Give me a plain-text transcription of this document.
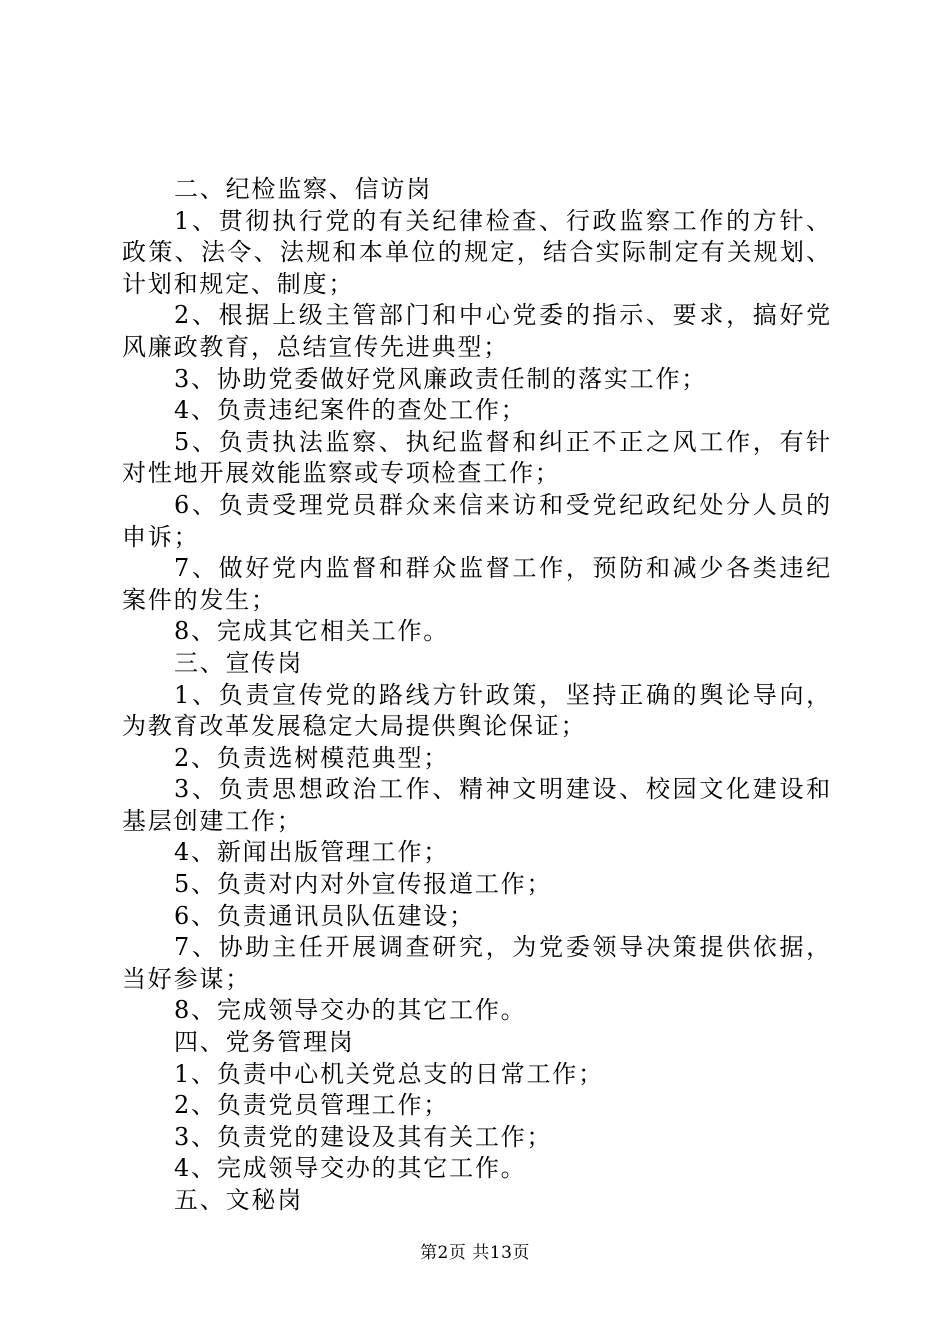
二、纪检监察、信访岗

1、贯彻执行党的有关纪律检查、行政监察工作的方针、政策、法令、法规和本单位的规定，结合实际制定有关规划、计划和规定、制度；

2、根据上级主管部门和中心党委的指示、要求，搞好党风廉政教育，总结宣传先进典型；

3、协助党委做好党风廉政责任制的落实工作；

4、负责违纪案件的查处工作；

5、负责执法监察、执纪监督和纠正不正之风工作，有针对性地开展效能监察或专项检查工作；

6、负责受理党员群众来信来访和受党纪政纪处分人员的申诉；

7、做好党内监督和群众监督工作，预防和减少各类违纪案件的发生；

8、完成其它相关工作。

三、宣传岗

1、负责宣传党的路线方针政策，坚持正确的舆论导向，为教育改革发展稳定大局提供舆论保证；

2、负责选树模范典型；

3、负责思想政治工作、精神文明建设、校园文化建设和基层创建工作；

4、新闻出版管理工作；

5、负责对内对外宣传报道工作；

6、负责通讯员队伍建设；

7、协助主任开展调查研究，为党委领导决策提供依据，当好参谋；

8、完成领导交办的其它工作。

四、党务管理岗

1、负责中心机关党总支的日常工作；

2、负责党员管理工作；

3、负责党的建设及其有关工作；

4、完成领导交办的其它工作。

五、文秘岗

第2页 共13页
